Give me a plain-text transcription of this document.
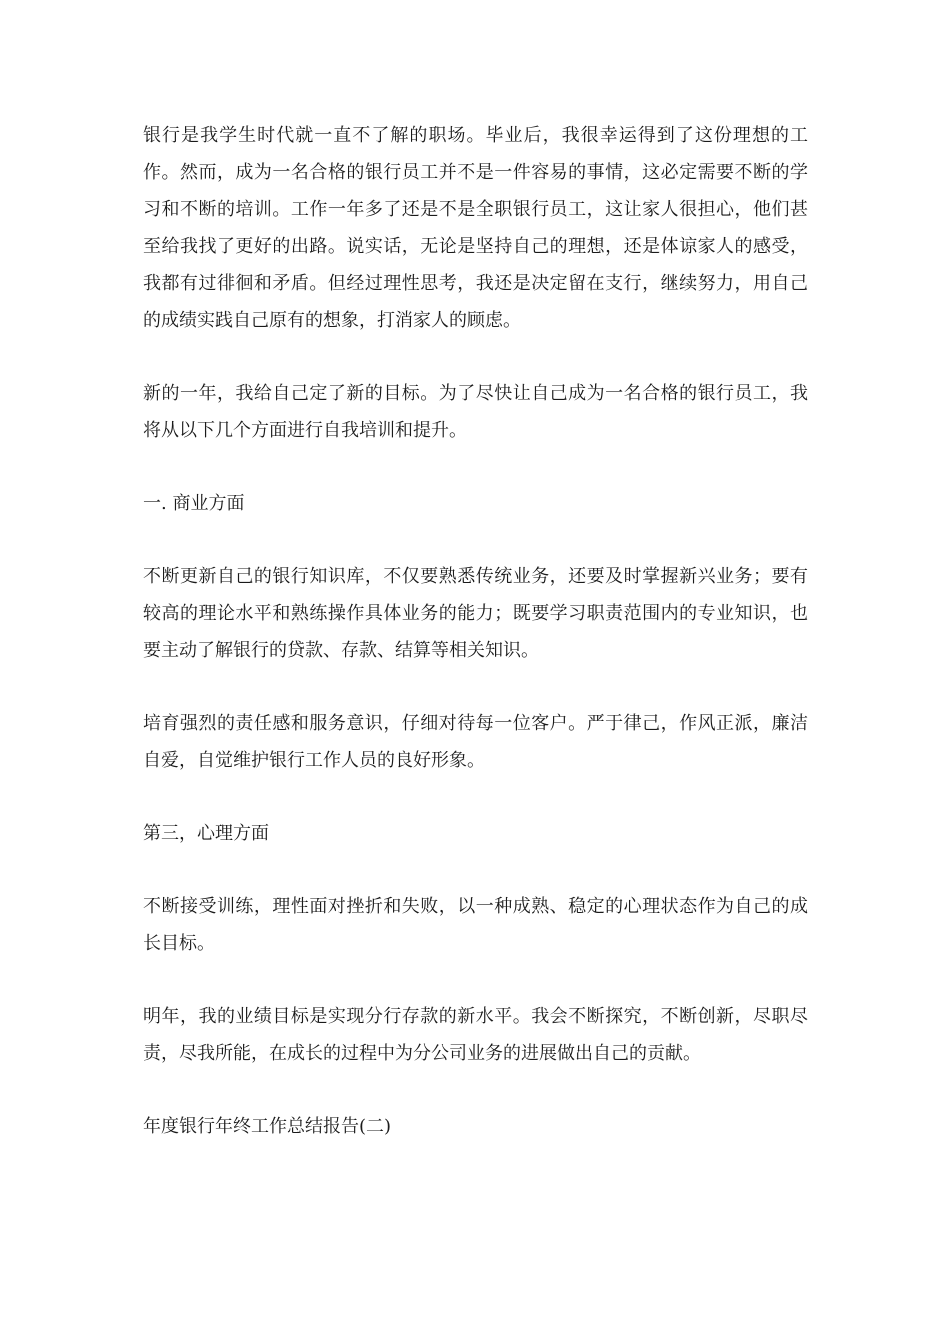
银行是我学生时代就一直不了解的职场。毕业后，我很幸运得到了这份理想的工作。然而，成为一名合格的银行员工并不是一件容易的事情，这必定需要不断的学习和不断的培训。工作一年多了还是不是全职银行员工，这让家人很担心，他们甚至给我找了更好的出路。说实话，无论是坚持自己的理想，还是体谅家人的感受，我都有过徘徊和矛盾。但经过理性思考，我还是决定留在支行，继续努力，用自己的成绩实践自己原有的想象，打消家人的顾虑。

新的一年，我给自己定了新的目标。为了尽快让自己成为一名合格的银行员工，我将从以下几个方面进行自我培训和提升。

一. 商业方面

不断更新自己的银行知识库，不仅要熟悉传统业务，还要及时掌握新兴业务；要有较高的理论水平和熟练操作具体业务的能力；既要学习职责范围内的专业知识，也要主动了解银行的贷款、存款、结算等相关知识。

培育强烈的责任感和服务意识，仔细对待每一位客户。严于律己，作风正派，廉洁自爱，自觉维护银行工作人员的良好形象。

第三，心理方面

不断接受训练，理性面对挫折和失败，以一种成熟、稳定的心理状态作为自己的成长目标。

明年，我的业绩目标是实现分行存款的新水平。我会不断探究，不断创新，尽职尽责，尽我所能，在成长的过程中为分公司业务的进展做出自己的贡献。

年度银行年终工作总结报告(二)
